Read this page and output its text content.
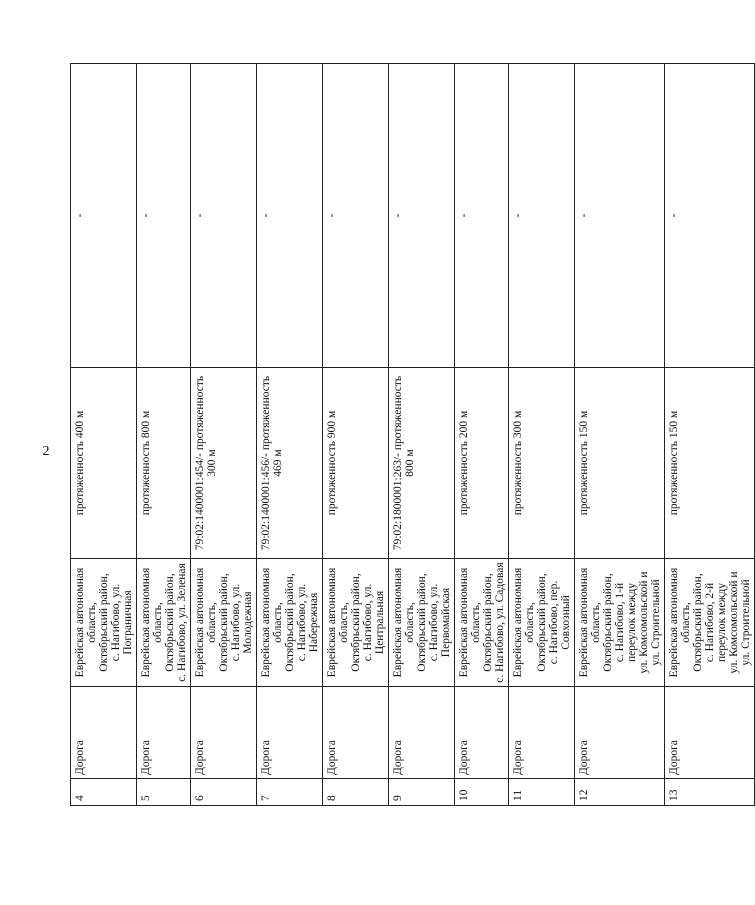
2
4	Дорога	Еврейская автономная область, Октябрьский район, с. Нагибово, ул. Пограничная	протяженность 400 м	-
5	Дорога	Еврейская автономная область, Октябрьский район, с. Нагибово, ул. Зеленая	протяженность 800 м	-
6	Дорога	Еврейская автономная область, Октябрьский район, с. Нагибово, ул. Молодежная	79:02:1400001:454/- протяженность 300 м	-
7	Дорога	Еврейская автономная область, Октябрьский район, с. Нагибово, ул. Набережная	79:02:1400001:456/- протяженность 469 м	-
8	Дорога	Еврейская автономная область, Октябрьский район, с. Нагибово, ул. Центральная	протяженность 900 м	-
9	Дорога	Еврейская автономная область, Октябрьский район, с. Нагибово, ул. Первомайская	79:02:1800001:263/- протяженность 800 м	-
10	Дорога	Еврейская автономная область, Октябрьский район, с. Нагибово, ул. Садовая	протяженность 200 м	-
11	Дорога	Еврейская автономная область, Октябрьский район, с. Нагибово, пер. Совхозный	протяженность 300 м	-
12	Дорога	Еврейская автономная область, Октябрьский район, с. Нагибово, 1-й переулок между ул. Комсомольской и ул. Строительной	протяженность 150 м	-
13	Дорога	Еврейская автономная область, Октябрьский район, с. Нагибово, 2-й переулок между ул. Комсомольской и ул. Строительной	протяженность 150 м	-
